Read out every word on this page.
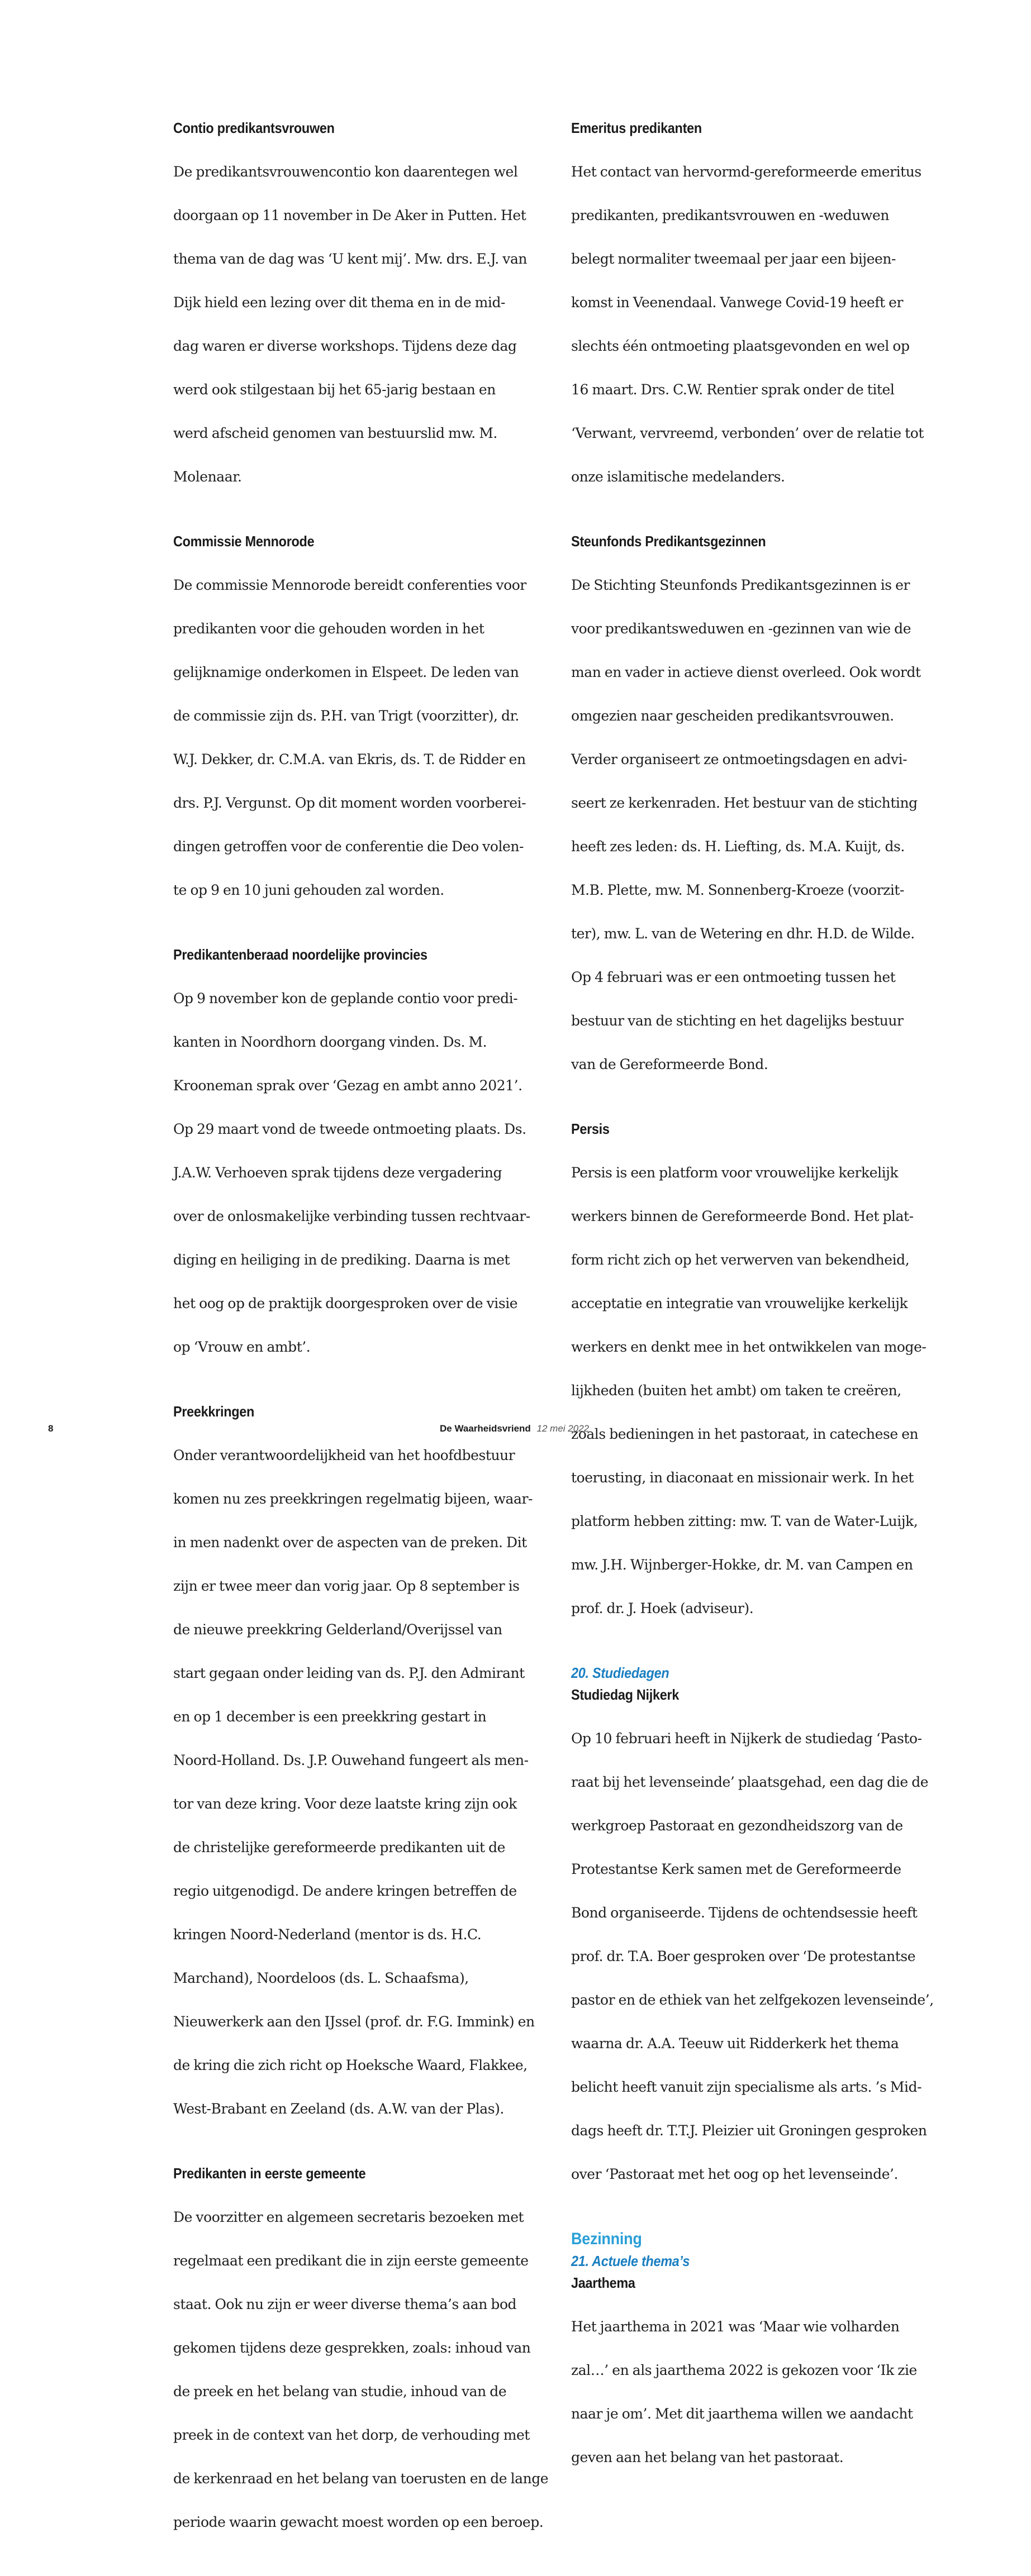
Contio predikantsvrouwen

De predikantsvrouwencontio kon daarentegen wel

doorgaan op 11 november in De Aker in Putten. Het

thema van de dag was ‘U kent mij’. Mw. drs. E.J. van

Dijk hield een lezing over dit thema en in de mid-

dag waren er diverse workshops. Tijdens deze dag

werd ook stilgestaan bij het 65-jarig bestaan en

werd afscheid genomen van bestuurslid mw. M.

Molenaar.

Commissie Mennorode

De commissie Mennorode bereidt conferenties voor

predikanten voor die gehouden worden in het

gelijknamige onderkomen in Elspeet. De leden van

de commissie zijn ds. P.H. van Trigt (voorzitter), dr.

W.J. Dekker, dr. C.M.A. van Ekris, ds. T. de Ridder en

drs. P.J. Vergunst. Op dit moment worden voorberei-

dingen getroffen voor de conferentie die Deo volen-

te op 9 en 10 juni gehouden zal worden.

Predikantenberaad noordelijke provincies

Op 9 november kon de geplande contio voor predi-

kanten in Noordhorn doorgang vinden. Ds. M.

Krooneman sprak over ‘Gezag en ambt anno 2021’.

Op 29 maart vond de tweede ontmoeting plaats. Ds.

J.A.W. Verhoeven sprak tijdens deze vergadering

over de onlosmakelijke verbinding tussen rechtvaar-

diging en heiliging in de prediking. Daarna is met

het oog op de praktijk doorgesproken over de visie

op ‘Vrouw en ambt’.

Preekkringen

Onder verantwoordelijkheid van het hoofdbestuur

komen nu zes preekkringen regelmatig bijeen, waar-

in men nadenkt over de aspecten van de preken. Dit

zijn er twee meer dan vorig jaar. Op 8 september is

de nieuwe preekkring Gelderland/Overijssel van

start gegaan onder leiding van ds. P.J. den Admirant

en op 1 december is een preekkring gestart in

Noord-Holland. Ds. J.P. Ouwehand fungeert als men-

tor van deze kring. Voor deze laatste kring zijn ook

de christelijke gereformeerde predikanten uit de

regio uitgenodigd. De andere kringen betreffen de

kringen Noord-Nederland (mentor is ds. H.C.

Marchand), Noordeloos (ds. L. Schaafsma),

Nieuwerkerk aan den IJssel (prof. dr. F.G. Immink) en

de kring die zich richt op Hoeksche Waard, Flakkee,

West-Brabant en Zeeland (ds. A.W. van der Plas).

Predikanten in eerste gemeente

De voorzitter en algemeen secretaris bezoeken met

regelmaat een predikant die in zijn eerste gemeente

staat. Ook nu zijn er weer diverse thema’s aan bod

gekomen tijdens deze gesprekken, zoals: inhoud van

de preek en het belang van studie, inhoud van de

preek in de context van het dorp, de verhouding met

de kerkenraad en het belang van toerusten en de lange

periode waarin gewacht moest worden op een beroep.

Emeritus predikanten

Het contact van hervormd-gereformeerde emeritus

predikanten, predikantsvrouwen en -weduwen

belegt normaliter tweemaal per jaar een bijeen-

komst in Veenendaal. Vanwege Covid-19 heeft er

slechts één ontmoeting plaatsgevonden en wel op

16 maart. Drs. C.W. Rentier sprak onder de titel

‘Verwant, vervreemd, verbonden’ over de relatie tot

onze islamitische medelanders.

Steunfonds Predikantsgezinnen

De Stichting Steunfonds Predikantsgezinnen is er

voor predikantsweduwen en -gezinnen van wie de

man en vader in actieve dienst overleed. Ook wordt

omgezien naar gescheiden predikantsvrouwen.

Verder organiseert ze ontmoetingsdagen en advi-

seert ze kerkenraden. Het bestuur van de stichting

heeft zes leden: ds. H. Liefting, ds. M.A. Kuijt, ds.

M.B. Plette, mw. M. Sonnenberg-Kroeze (voorzit-

ter), mw. L. van de Wetering en dhr. H.D. de Wilde.

Op 4 februari was er een ontmoeting tussen het

bestuur van de stichting en het dagelijks bestuur

van de Gereformeerde Bond.

Persis

Persis is een platform voor vrouwelijke kerkelijk

werkers binnen de Gereformeerde Bond. Het plat-

form richt zich op het verwerven van bekendheid,

acceptatie en integratie van vrouwelijke kerkelijk

werkers en denkt mee in het ontwikkelen van moge-

lijkheden (buiten het ambt) om taken te creëren,

zoals bedieningen in het pastoraat, in catechese en

toerusting, in diaconaat en missionair werk. In het

platform hebben zitting: mw. T. van de Water-Luijk,

mw. J.H. Wijnberger-Hokke, dr. M. van Campen en

prof. dr. J. Hoek (adviseur).

20. Studiedagen
Studiedag Nijkerk

Op 10 februari heeft in Nijkerk de studiedag ‘Pasto-

raat bij het levenseinde’ plaatsgehad, een dag die de

werkgroep Pastoraat en gezondheidszorg van de

Protestantse Kerk samen met de Gereformeerde

Bond organiseerde. Tijdens de ochtendsessie heeft

prof. dr. T.A. Boer gesproken over ‘De protestantse

pastor en de ethiek van het zelfgekozen levenseinde’,

waarna dr. A.A. Teeuw uit Ridderkerk het thema

belicht heeft vanuit zijn specialisme als arts. ’s Mid-

dags heeft dr. T.T.J. Pleizier uit Groningen gesproken

over ‘Pastoraat met het oog op het levenseinde’.

Bezinning
21. Actuele thema’s
Jaarthema

Het jaarthema in 2021 was ‘Maar wie volharden

zal…’ en als jaarthema 2022 is gekozen voor ‘Ik zie

naar je om’. Met dit jaarthema willen we aandacht

geven aan het belang van het pastoraat.

8	De Waarheidsvriend 12 mei 2022
